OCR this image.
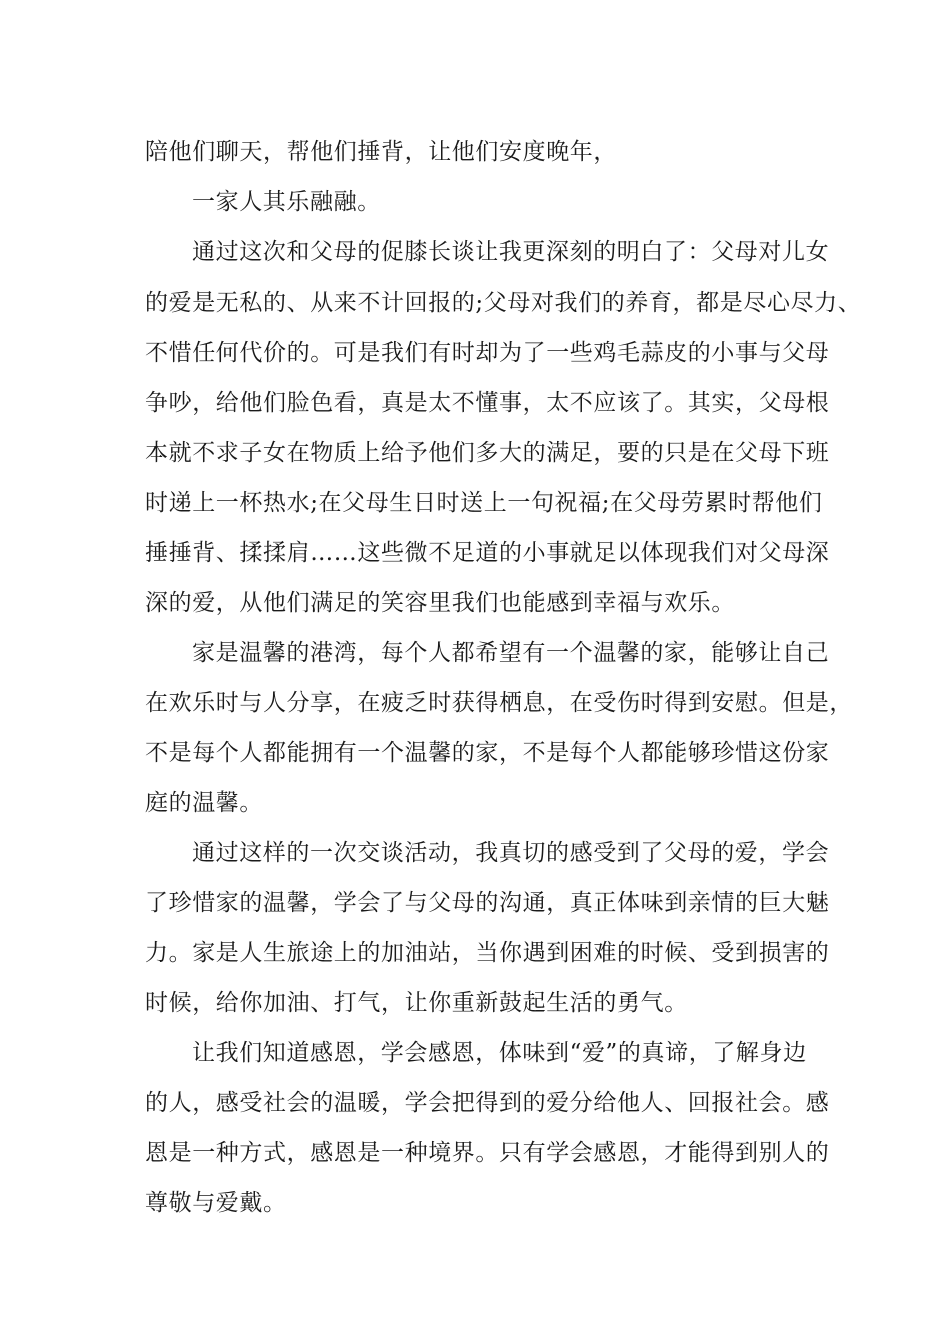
陪他们聊天，帮他们捶背，让他们安度晚年，

一家人其乐融融。

通过这次和父母的促膝长谈让我更深刻的明白了：父母对儿女

的爱是无私的、从来不计回报的;父母对我们的养育，都是尽心尽力、

不惜任何代价的。可是我们有时却为了一些鸡毛蒜皮的小事与父母

争吵，给他们脸色看，真是太不懂事，太不应该了。其实，父母根

本就不求子女在物质上给予他们多大的满足，要的只是在父母下班

时递上一杯热水;在父母生日时送上一句祝福;在父母劳累时帮他们

捶捶背、揉揉肩……这些微不足道的小事就足以体现我们对父母深

深的爱，从他们满足的笑容里我们也能感到幸福与欢乐。

家是温馨的港湾，每个人都希望有一个温馨的家，能够让自己

在欢乐时与人分享，在疲乏时获得栖息，在受伤时得到安慰。但是，

不是每个人都能拥有一个温馨的家，不是每个人都能够珍惜这份家

庭的温馨。

通过这样的一次交谈活动，我真切的感受到了父母的爱，学会

了珍惜家的温馨，学会了与父母的沟通，真正体味到亲情的巨大魅

力。家是人生旅途上的加油站，当你遇到困难的时候、受到损害的

时候，给你加油、打气，让你重新鼓起生活的勇气。

让我们知道感恩，学会感恩，体味到“爱”的真谛，了解身边

的人，感受社会的温暖，学会把得到的爱分给他人、回报社会。感

恩是一种方式，感恩是一种境界。只有学会感恩，才能得到别人的

尊敬与爱戴。
